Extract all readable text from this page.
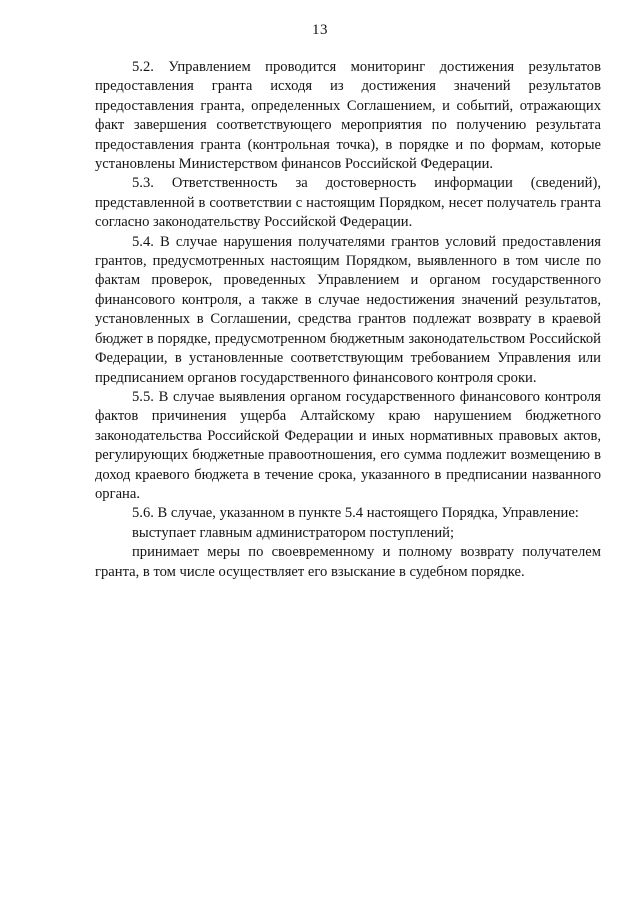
13

5.2. Управлением проводится мониторинг достижения результатов предоставления гранта исходя из достижения значений результатов предоставления гранта, определенных Соглашением, и событий, отражающих факт завершения соответствующего мероприятия по получению результата предоставления гранта (контрольная точка), в порядке и по формам, которые установлены Министерством финансов Российской Федерации.

5.3. Ответственность за достоверность информации (сведений), представленной в соответствии с настоящим Порядком, несет получатель гранта согласно законодательству Российской Федерации.

5.4. В случае нарушения получателями грантов условий предоставления грантов, предусмотренных настоящим Порядком, выявленного в том числе по фактам проверок, проведенных Управлением и органом государственного финансового контроля, а также в случае недостижения значений результатов, установленных в Соглашении, средства грантов подлежат возврату в краевой бюджет в порядке, предусмотренном бюджетным законодательством Российской Федерации, в установленные соответствующим требованием Управления или предписанием органов государственного финансового контроля сроки.

5.5. В случае выявления органом государственного финансового контроля фактов причинения ущерба Алтайскому краю нарушением бюджетного законодательства Российской Федерации и иных нормативных правовых актов, регулирующих бюджетные правоотношения, его сумма подлежит возмещению в доход краевого бюджета в течение срока, указанного в предписании названного органа.

5.6. В случае, указанном в пункте 5.4 настоящего Порядка, Управление:

выступает главным администратором поступлений;

принимает меры по своевременному и полному возврату получателем гранта, в том числе осуществляет его взыскание в судебном порядке.
